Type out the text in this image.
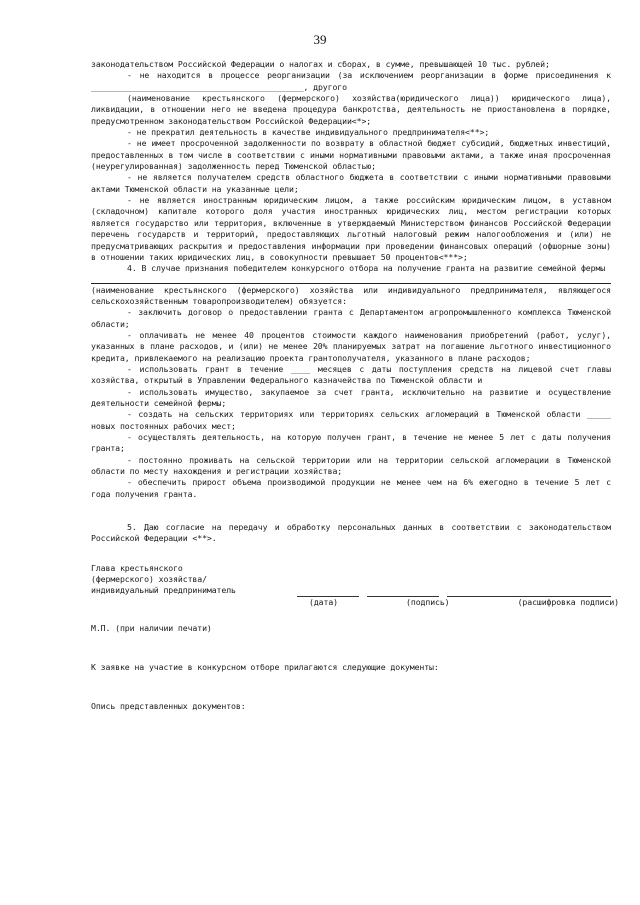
39

законодательством Российской Федерации о налогах и сборах, в сумме, превышающей 10 тыс. рублей;

- не находится в процессе реорганизации (за исключением реорганизации в форме присоединения к ____________________________________________, другого

(наименование крестьянского (фермерского) хозяйства(юридического лица)) юридического лица), ликвидации, в отношении него не введена процедура банкротства, деятельность не приостановлена в порядке, предусмотренном законодательством Российской Федерации<*>;

- не прекратил деятельность в качестве индивидуального предпринимателя<**>;

- не имеет просроченной задолженности по возврату в областной бюджет субсидий, бюджетных инвестиций, предоставленных в том числе в соответствии с иными нормативными правовыми актами, а также иная просроченная (неурегулированная) задолженность перед Тюменской областью;

- не является получателем средств областного бюджета в соответствии с иными нормативными правовыми актами Тюменской области на указанные цели;

- не является иностранным юридическим лицом, а также российским юридическим лицом, в уставном (складочном) капитале которого доля участия иностранных юридических лиц, местом регистрации которых является государство или территория, включенные в утверждаемый Министерством финансов Российской Федерации перечень государств и территорий, предоставляющих льготный налоговый режим налогообложения и (или) не предусматривающих раскрытия и предоставления информации при проведении финансовых операций (офшорные зоны) в отношении таких юридических лиц, в совокупности превышает 50 процентов<***>;

4. В случае признания победителем конкурсного отбора на получение гранта на развитие семейной фермы

(наименование крестьянского (фермерского) хозяйства или индивидуального предпринимателя, являющегося сельскохозяйственным товаропроизводителем) обязуется:

- заключить договор о предоставлении гранта с Департаментом агропромышленного комплекса Тюменской области;

- оплачивать не менее 40 процентов стоимости каждого наименования приобретений (работ, услуг), указанных в плане расходов, и (или) не менее 20% планируемых затрат на погашение льготного инвестиционного кредита, привлекаемого на реализацию проекта грантополучателя, указанного в плане расходов;

- использовать грант в течение ____ месяцев с даты поступления средств на лицевой счет главы хозяйства, открытый в Управлении Федерального казначейства по Тюменской области и

- использовать имущество, закупаемое за счет гранта, исключительно на развитие и осуществление деятельности семейной фермы;

- создать на сельских территориях или территориях сельских агломераций в Тюменской области _____ новых постоянных рабочих мест;

- осуществлять деятельность, на которую получен грант, в течение не менее 5 лет с даты получения гранта;

- постоянно проживать на сельской территории или на территории сельской агломерации в Тюменской области по месту нахождения и регистрации хозяйства;

- обеспечить прирост объема производимой продукции не менее чем на 6% ежегодно в течение 5 лет с года получения гранта.

5. Даю согласие на передачу и обработку персональных данных в соответствии с законодательством Российской Федерации <**>.

Глава крестьянского
(фермерского) хозяйства/
индивидуальный предприниматель
(дата)	(подпись)	(расшифровка подписи)
М.П. (при наличии печати)
К заявке на участие в конкурсном отборе прилагаются следующие документы:
Опись представленных документов:
